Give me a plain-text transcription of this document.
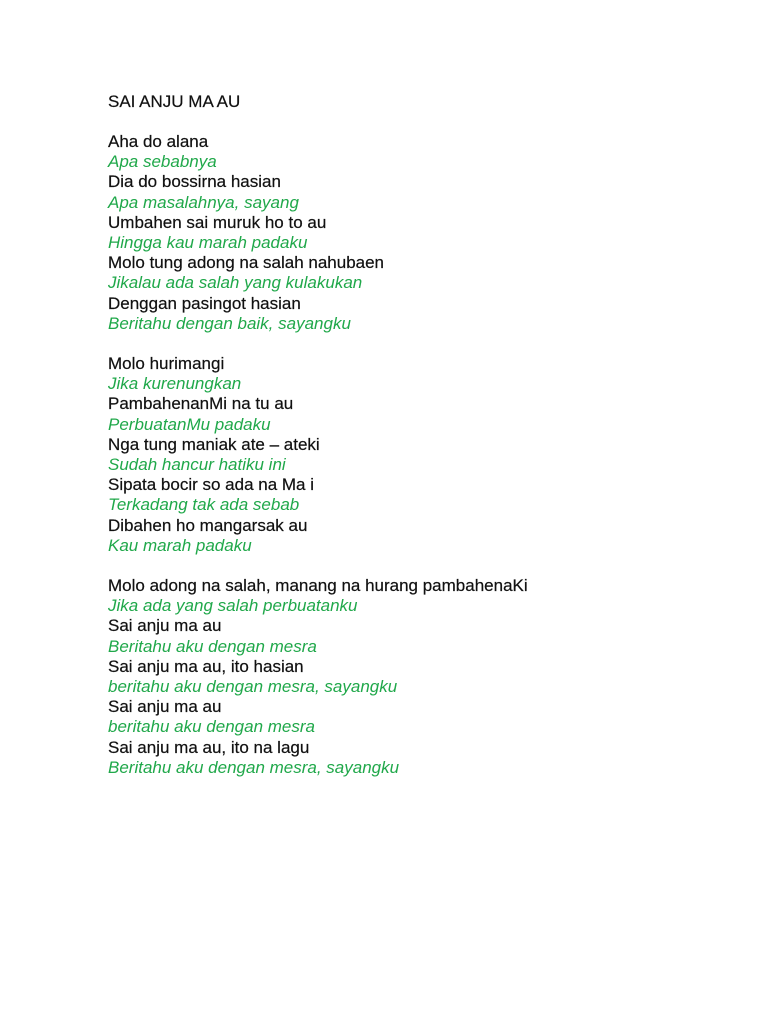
SAI ANJU MA AU
Aha do alana
Apa sebabnya
Dia do bossirna hasian
Apa masalahnya, sayang
Umbahen sai muruk ho to au
Hingga kau marah padaku
Molo tung adong na salah nahubaen
Jikalau ada salah yang kulakukan
Denggan pasingot hasian
Beritahu dengan baik, sayangku
Molo hurimangi
Jika kurenungkan
PambahenanMi na tu au
PerbuatanMu padaku
Nga tung maniak ate – ateki
Sudah hancur hatiku ini
Sipata bocir so ada na Ma i
Terkadang tak ada sebab
Dibahen ho mangarsak au
Kau marah padaku
Molo adong na salah, manang na hurang pambahenaKi
Jika ada yang salah perbuatanku
Sai anju ma au
Beritahu aku dengan mesra
Sai anju ma au, ito hasian
beritahu aku dengan mesra, sayangku
Sai anju ma au
beritahu aku dengan mesra
Sai anju ma au, ito na lagu
Beritahu aku dengan mesra, sayangku
